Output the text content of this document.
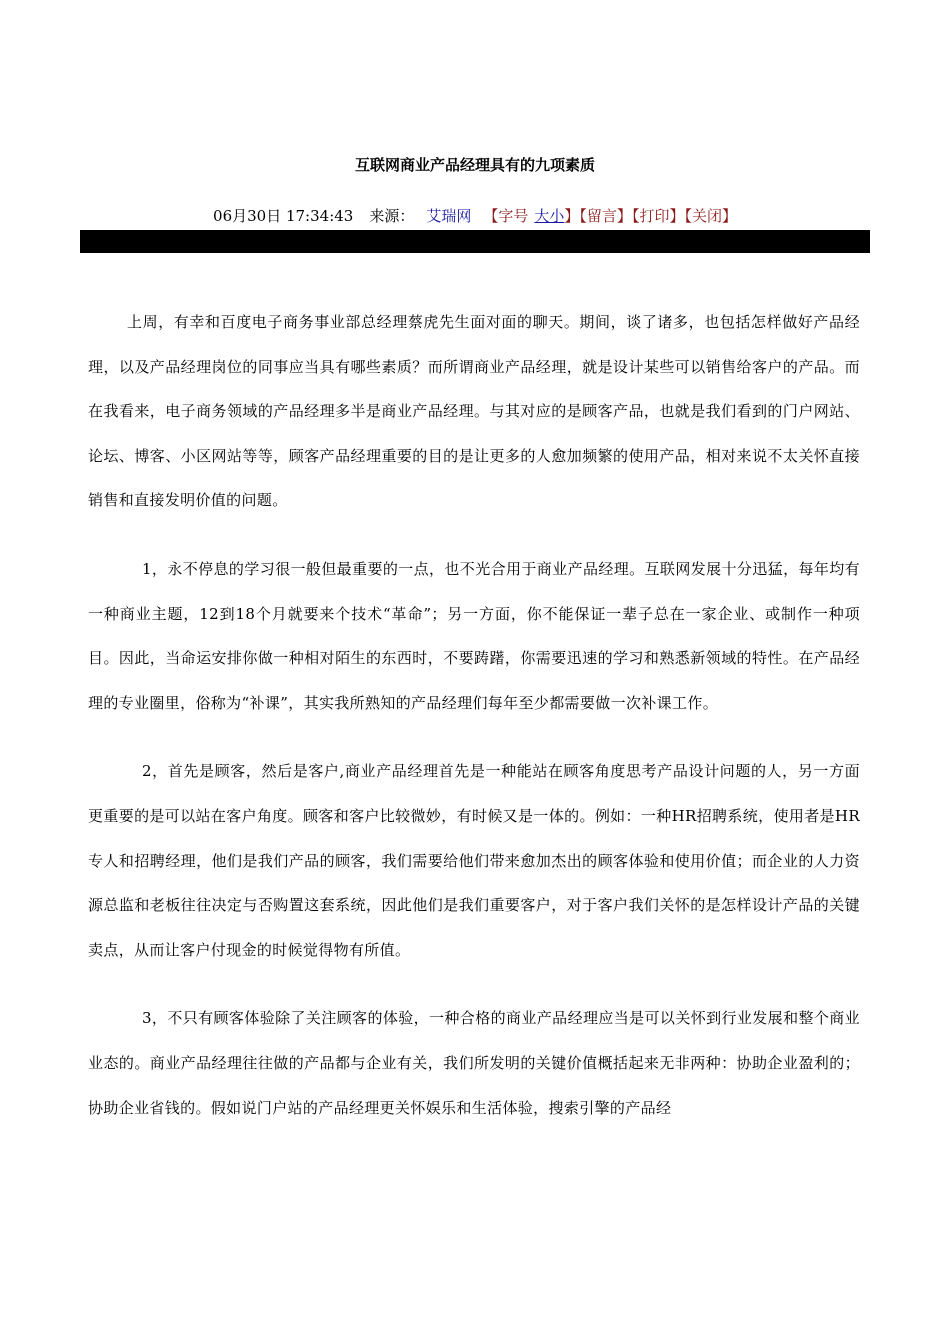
互联网商业产品经理具有的九项素质
06月30日 17:34:43 来源： 艾瑞网 【字号 大小】【留言】【打印】【关闭】

上周，有幸和百度电子商务事业部总经理蔡虎先生面对面的聊天。期间，谈了诸多，也包括怎样做好产品经理，以及产品经理岗位的同事应当具有哪些素质？而所谓商业产品经理，就是设计某些可以销售给客户的产品。而在我看来，电子商务领域的产品经理多半是商业产品经理。与其对应的是顾客产品，也就是我们看到的门户网站、论坛、博客、小区网站等等，顾客产品经理重要的目的是让更多的人愈加频繁的使用产品，相对来说不太关怀直接销售和直接发明价值的问题。

1，永不停息的学习很一般但最重要的一点，也不光合用于商业产品经理。互联网发展十分迅猛，每年均有一种商业主题，12到18个月就要来个技术“革命”；另一方面，你不能保证一辈子总在一家企业、或制作一种项目。因此，当命运安排你做一种相对陌生的东西时，不要踌躇，你需要迅速的学习和熟悉新领域的特性。在产品经理的专业圈里，俗称为“补课”，其实我所熟知的产品经理们每年至少都需要做一次补课工作。

2，首先是顾客，然后是客户,商业产品经理首先是一种能站在顾客角度思考产品设计问题的人，另一方面更重要的是可以站在客户角度。顾客和客户比较微妙，有时候又是一体的。例如：一种HR招聘系统，使用者是HR专人和招聘经理，他们是我们产品的顾客，我们需要给他们带来愈加杰出的顾客体验和使用价值；而企业的人力资源总监和老板往往决定与否购置这套系统，因此他们是我们重要客户，对于客户我们关怀的是怎样设计产品的关键卖点，从而让客户付现金的时候觉得物有所值。

3，不只有顾客体验除了关注顾客的体验，一种合格的商业产品经理应当是可以关怀到行业发展和整个商业业态的。商业产品经理往往做的产品都与企业有关，我们所发明的关键价值概括起来无非两种：协助企业盈利的；协助企业省钱的。假如说门户站的产品经理更关怀娱乐和生活体验，搜索引擎的产品经
